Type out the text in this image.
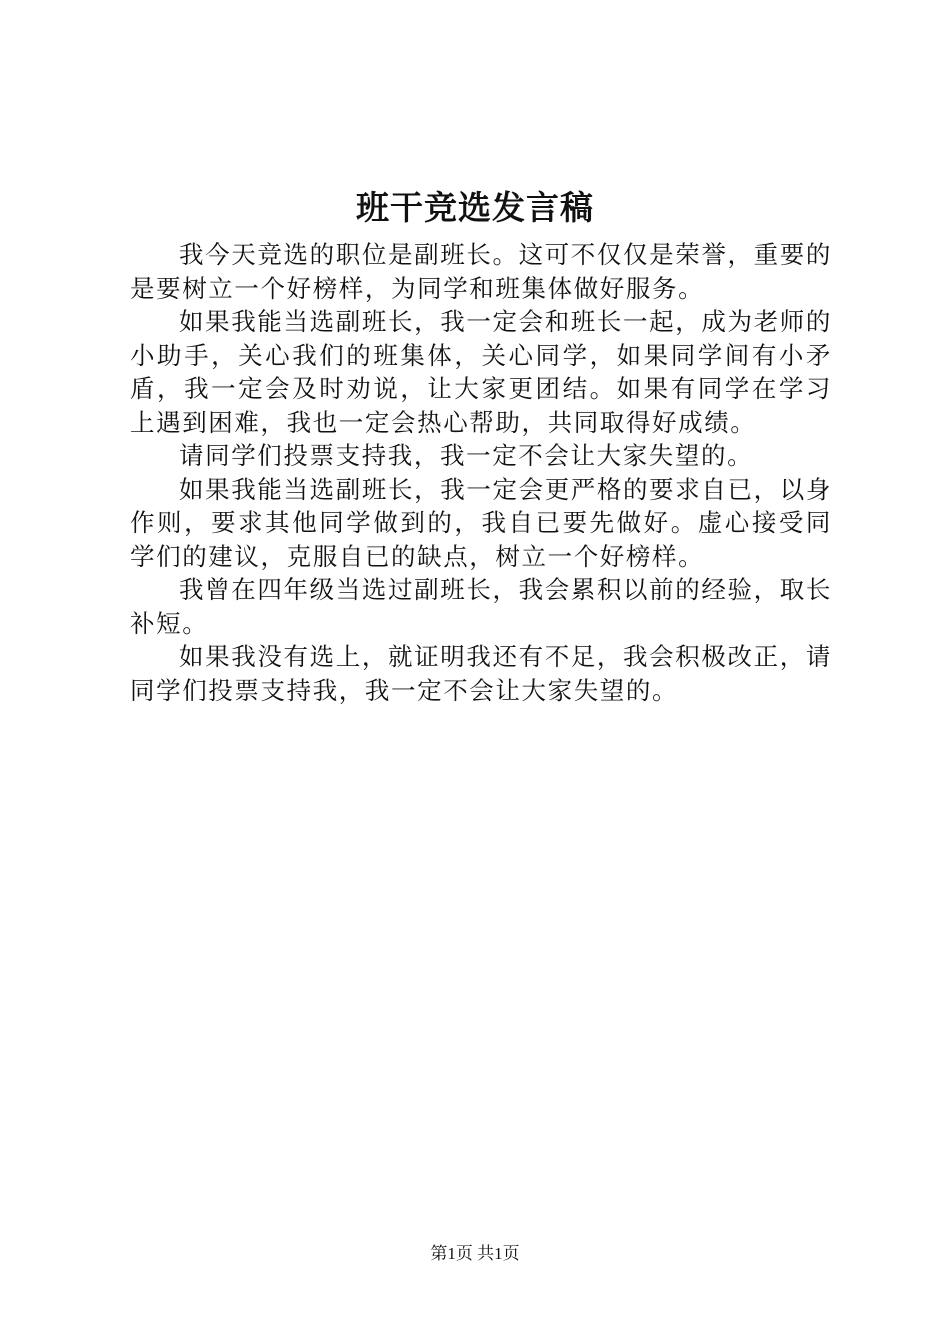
班干竞选发言稿

我今天竞选的职位是副班长。这可不仅仅是荣誉，重要的是要树立一个好榜样，为同学和班集体做好服务。

如果我能当选副班长，我一定会和班长一起，成为老师的小助手，关心我们的班集体，关心同学，如果同学间有小矛盾，我一定会及时劝说，让大家更团结。如果有同学在学习上遇到困难，我也一定会热心帮助，共同取得好成绩。

请同学们投票支持我，我一定不会让大家失望的。

如果我能当选副班长，我一定会更严格的要求自已，以身作则，要求其他同学做到的，我自已要先做好。虚心接受同学们的建议，克服自已的缺点，树立一个好榜样。

我曾在四年级当选过副班长，我会累积以前的经验，取长补短。

如果我没有选上，就证明我还有不足，我会积极改正，请同学们投票支持我，我一定不会让大家失望的。

第1页 共1页
